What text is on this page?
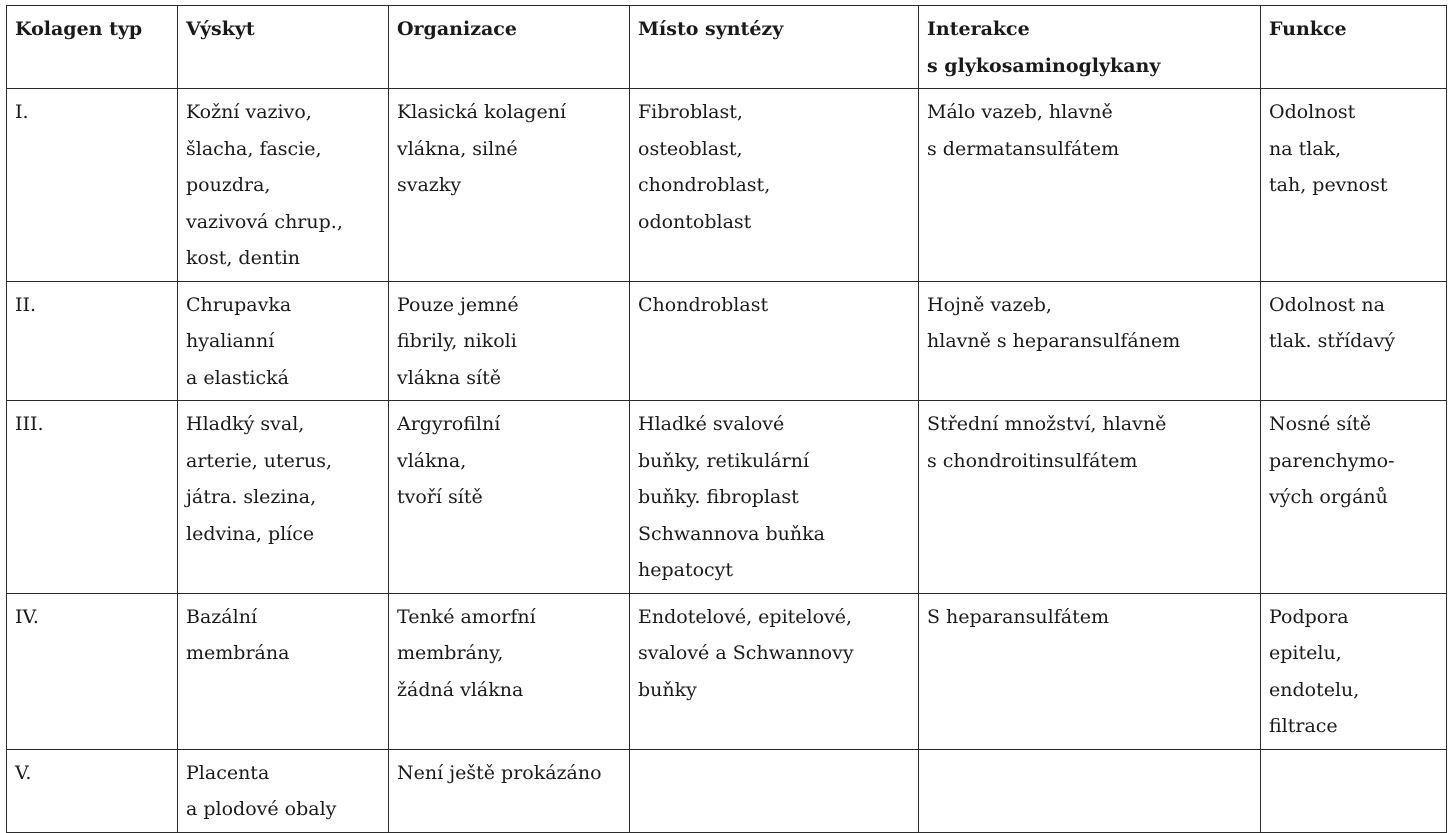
Kolagen typ	Výskyt	Organizace	Místo syntézy	Interakce
s glykosaminoglykany	Funkce

I.	Kožní vazivo,
šlacha, fascie,
pouzdra,
vazivová chrup.,
kost, dentin	Klasická kolagení
vlákna, silné
svazky	Fibroblast,
osteoblast,
chondroblast,
odontoblast	Málo vazeb, hlavně
s dermatansulfátem	Odolnost
na tlak,
tah, pevnost

II.	Chrupavka
hyalianní
a elastická	Pouze jemné
fibrily, nikoli
vlákna sítě	Chondroblast	Hojně vazeb,
hlavně s heparansulfánem	Odolnost na
tlak. střídavý

III.	Hladký sval,
arterie, uterus,
játra. slezina,
ledvina, plíce	Argyrofilní
vlákna,
tvoří sítě	Hladké svalové
buňky, retikulární
buňky. fibroplast
Schwannova buňka
hepatocyt	Střední množství, hlavně
s chondroitinsulfátem	Nosné sítě
parenchymo-
vých orgánů

IV.	Bazální
membrána	Tenké amorfní
membrány,
žádná vlákna	Endotelové, epitelové,
svalové a Schwannovy
buňky	S heparansulfátem	Podpora
epitelu,
endotelu,
filtrace

V.	Placenta
a plodové obaly	Není ještě prokázáno			
